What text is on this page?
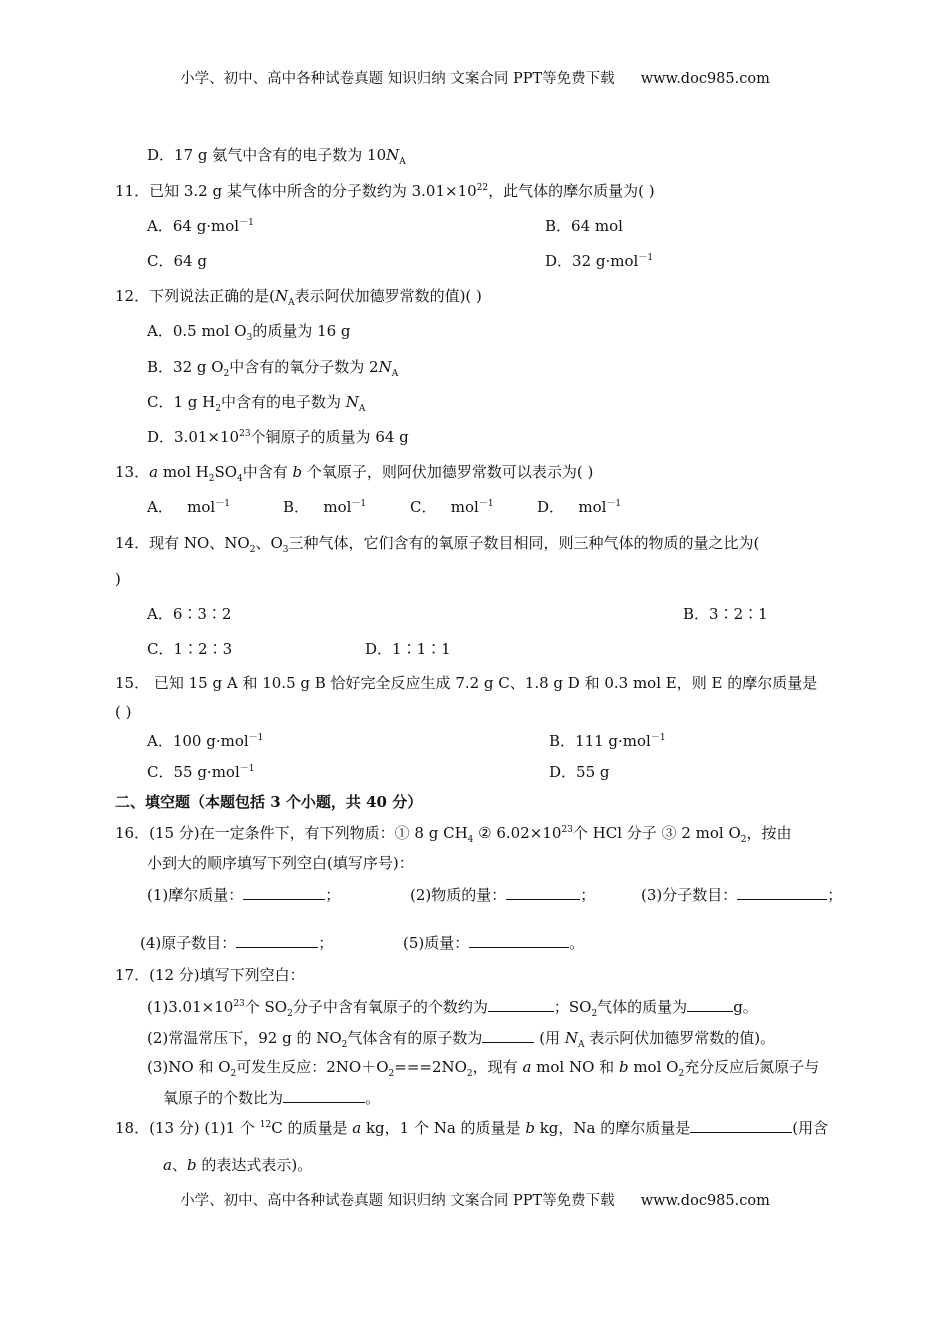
小学、初中、高中各种试卷真题 知识归纳 文案合同 PPT等免费下载 www.doc985.com
D．17 g 氨气中含有的电子数为 $10N_A$
11．已知 3.2 g 某气体中所含的分子数约为 $3.01\times 10^{22}$，此气体的摩尔质量为( )
A．64 g·mol$^{-1}$	B．64 mol
C．64 g	D．32 g·mol$^{-1}$
12．下列说法正确的是($N_A$表示阿伏加德罗常数的值)( )
A．0.5 mol $O_3$的质量为 16 g
B．32 g $O_2$中含有的氧分子数为 $2N_A$
C．1 g $H_2$中含有的电子数为 $N_A$
D．$3.01\times 10^{23}$个铜原子的质量为 64 g
13．a mol $H_2SO_4$中含有 b 个氧原子，则阿伏加德罗常数可以表示为( )
A． mol$^{-1}$	B． mol$^{-1}$	C． mol$^{-1}$	D． mol$^{-1}$
14．现有 NO、$NO_2$、$O_3$三种气体，它们含有的氧原子数目相同，则三种气体的物质的量之比为(
)
A．6∶3∶2	B．3∶2∶1
C．1∶2∶3	D．1∶1∶1
15． 已知 15 g A 和 10.5 g B 恰好完全反应生成 7.2 g C、1.8 g D 和 0.3 mol E，则 E 的摩尔质量是
( )
A．100 g·mol$^{-1}$	B．111 g·mol$^{-1}$
C．55 g·mol$^{-1}$	D．55 g
二、填空题（本题包括 3 个小题，共 40 分）
16．(15 分)在一定条件下，有下列物质：① 8 g $CH_4$ ② $6.02\times 10^{23}$个 HCl 分子 ③ 2 mol $O_2$，按由
小到大的顺序填写下列空白(填写序号)：
(1)摩尔质量：	；	(2)物质的量：	；	(3)分子数目：	；
(4)原子数目：	；	(5)质量：	。
17．(12 分)填写下列空白：
$(1)3.01\times 10^{23}$个 $SO_2$分子中含有氧原子的个数约为	；$SO_2$气体的质量为	g。
(2)常温常压下，92 g 的 $NO_2$气体含有的原子数为	(用 $N_A$ 表示阿伏加德罗常数的值)。
(3)NO 和 $O_2$可发生反应：$2NO+O_2===2NO_2$，现有 a mol NO 和 b mol $O_2$充分反应后氮原子与
氧原子的个数比为	。
18．(13 分) (1)1 个 $^{12}$C 的质量是 a kg，1 个 Na 的质量是 b kg，Na 的摩尔质量是	(用含
a、b 的表达式表示)。
小学、初中、高中各种试卷真题 知识归纳 文案合同 PPT等免费下载 www.doc985.com
